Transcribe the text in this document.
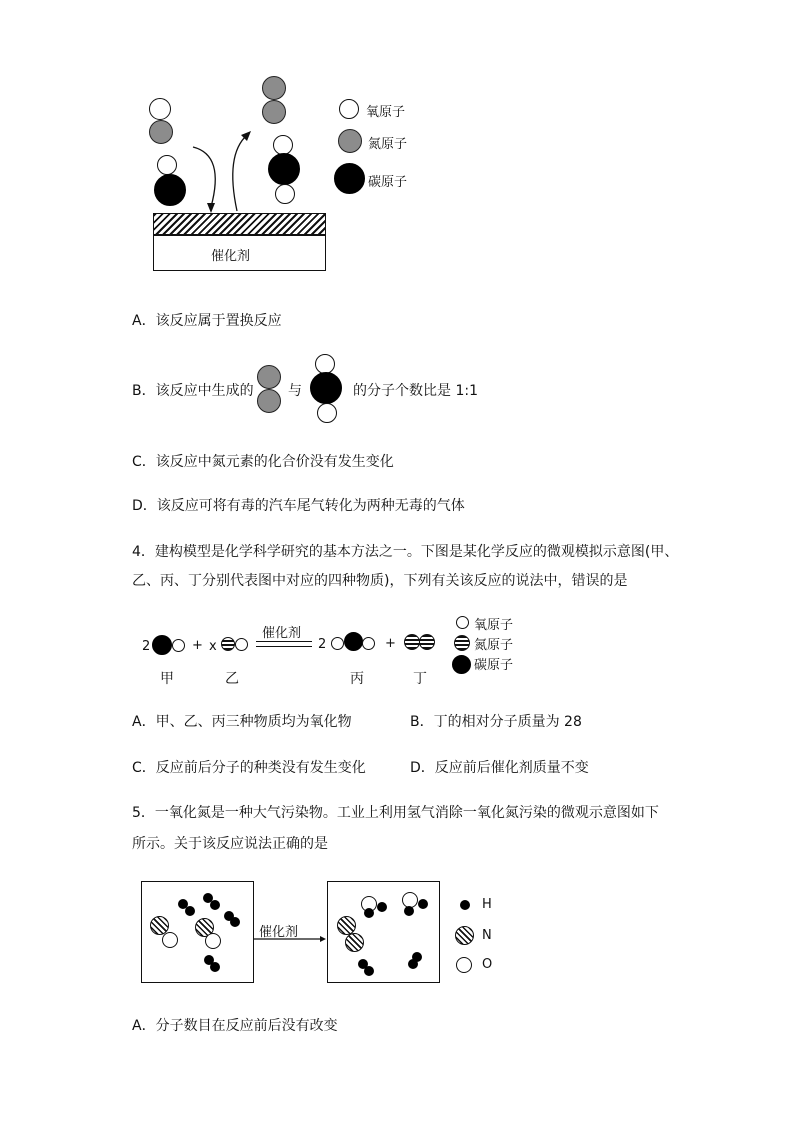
催化剂
氧原子
氮原子
碳原子
A．该反应属于置换反应
B．该反应中生成的 与	的分子个数比是 1:1
C．该反应中氮元素的化合价没有发生变化
D．该反应可将有毒的汽车尾气转化为两种无毒的气体
4．建构模型是化学科学研究的基本方法之一。下图是某化学反应的微观模拟示意图(甲、
乙、丙、丁分别代表图中对应的四种物质)，下列有关该反应的说法中，错误的是
2	+ x
催化剂
2	+
甲	乙	丙	丁
氧原子
氮原子
碳原子
A．甲、乙、丙三种物质均为氧化物	B．丁的相对分子质量为 28
C．反应前后分子的种类没有发生变化	D．反应前后催化剂质量不变
5．一氧化氮是一种大气污染物。工业上利用氢气消除一氧化氮污染的微观示意图如下
所示。关于该反应说法正确的是
催化剂
H
N
O
A．分子数目在反应前后没有改变
